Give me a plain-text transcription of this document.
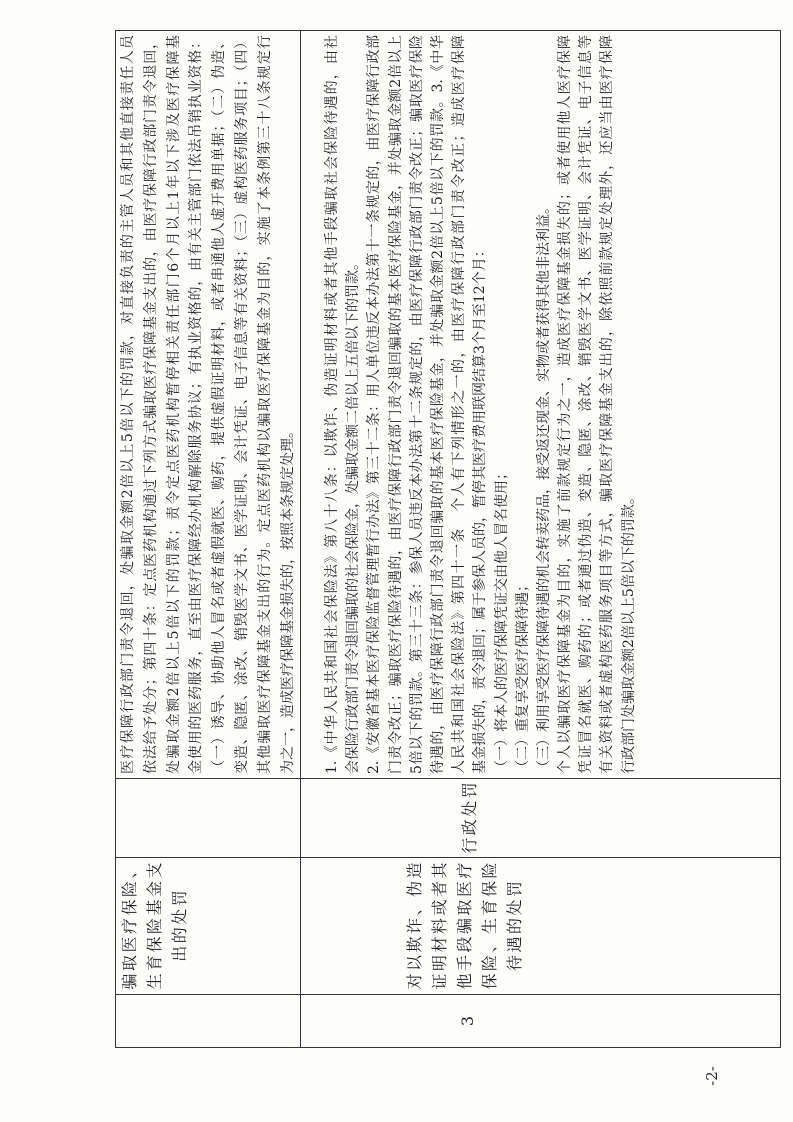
骗取医疗保险、 生育保险基金支 出的处罚
医疗保障行政部门责令退回，处骗取金额2倍以上5倍以下的罚款，对直接负责的主管人员和其他直接责任人员 依法给予处分；第四十条：定点医药机构通过下列方式骗取医疗保障基金支出的，由医疗保障行政部门责令退回， 处骗取金额2倍以上5倍以下的罚款；责令定点医药机构暂停相关责任部门6个月以上1年以下涉及医疗保障基 金使用的医药服务，直至由医疗保障经办机构解除服务协议；有执业资格的，由有关主管部门依法吊销执业资格： （一）诱导、协助他人冒名或者虚假就医、购药，提供虚假证明材料，或者串通他人虚开费用单据；（二）伪造、 变造、隐匿、涂改、销毁医学文书、医学证明、会计凭证、电子信息等有关资料；（三）虚构医药服务项目；（四） 其他骗取医疗保障基金支出的行为。定点医药机构以骗取医疗保障基金为目的，实施了本条例第三十八条规定行 为之一，造成医疗保障基金损失的，按照本条规定处理。
3
对以欺诈、伪造 证明材料或者其 他手段骗取医疗 保险、生育保险 待遇的处罚
行政处罚
1.《中华人民共和国社会保险法》第八十八条：以欺诈、伪造证明材料或者其他手段骗取社会保险待遇的，由社 会保险行政部门责令退回骗取的社会保险金，处骗取金额二倍以上五倍以下的罚款。 2.《安徽省基本医疗保险监督管理暂行办法》第三十二条：用人单位违反本办法第十一条规定的，由医疗保障行政部 门责令改正；骗取医疗保险待遇的，由医疗保障行政部门责令退回骗取的基本医疗保险基金，并处骗取金额2倍以上 5倍以下的罚款。第三十三条：参保人员违反本办法第十二条规定的，由医疗保障行政部门责令改正；骗取医疗保险 待遇的，由医疗保障行政部门责令退回骗取的基本医疗保险基金，并处骗取金额2倍以上5倍以下的罚款。3.《中华 人民共和国社会保险法》第四十一条　个人有下列情形之一的，由医疗保障行政部门责令改正；造成医疗保障 基金损失的，责令退回；属于参保人员的，暂停其医疗费用联网结算3个月至12个月： （一）将本人的医疗保障凭证交由他人冒名使用； （二）重复享受医疗保障待遇； （三）利用享受医疗保障待遇的机会转卖药品，接受返还现金、实物或者获得其他非法利益。 个人以骗取医疗保障基金为目的，实施了前款规定行为之一，造成医疗保障基金损失的；或者使用他人医疗保障 凭证冒名就医、购药的；或者通过伪造、变造、隐匿、涂改、销毁医学文书、医学证明、会计凭证、电子信息等 有关资料或者虚构医药服务项目等方式，骗取医疗保障基金支出的，除依照前款规定处理外，还应当由医疗保障 行政部门处骗取金额2倍以上5倍以下的罚款。
-2-
